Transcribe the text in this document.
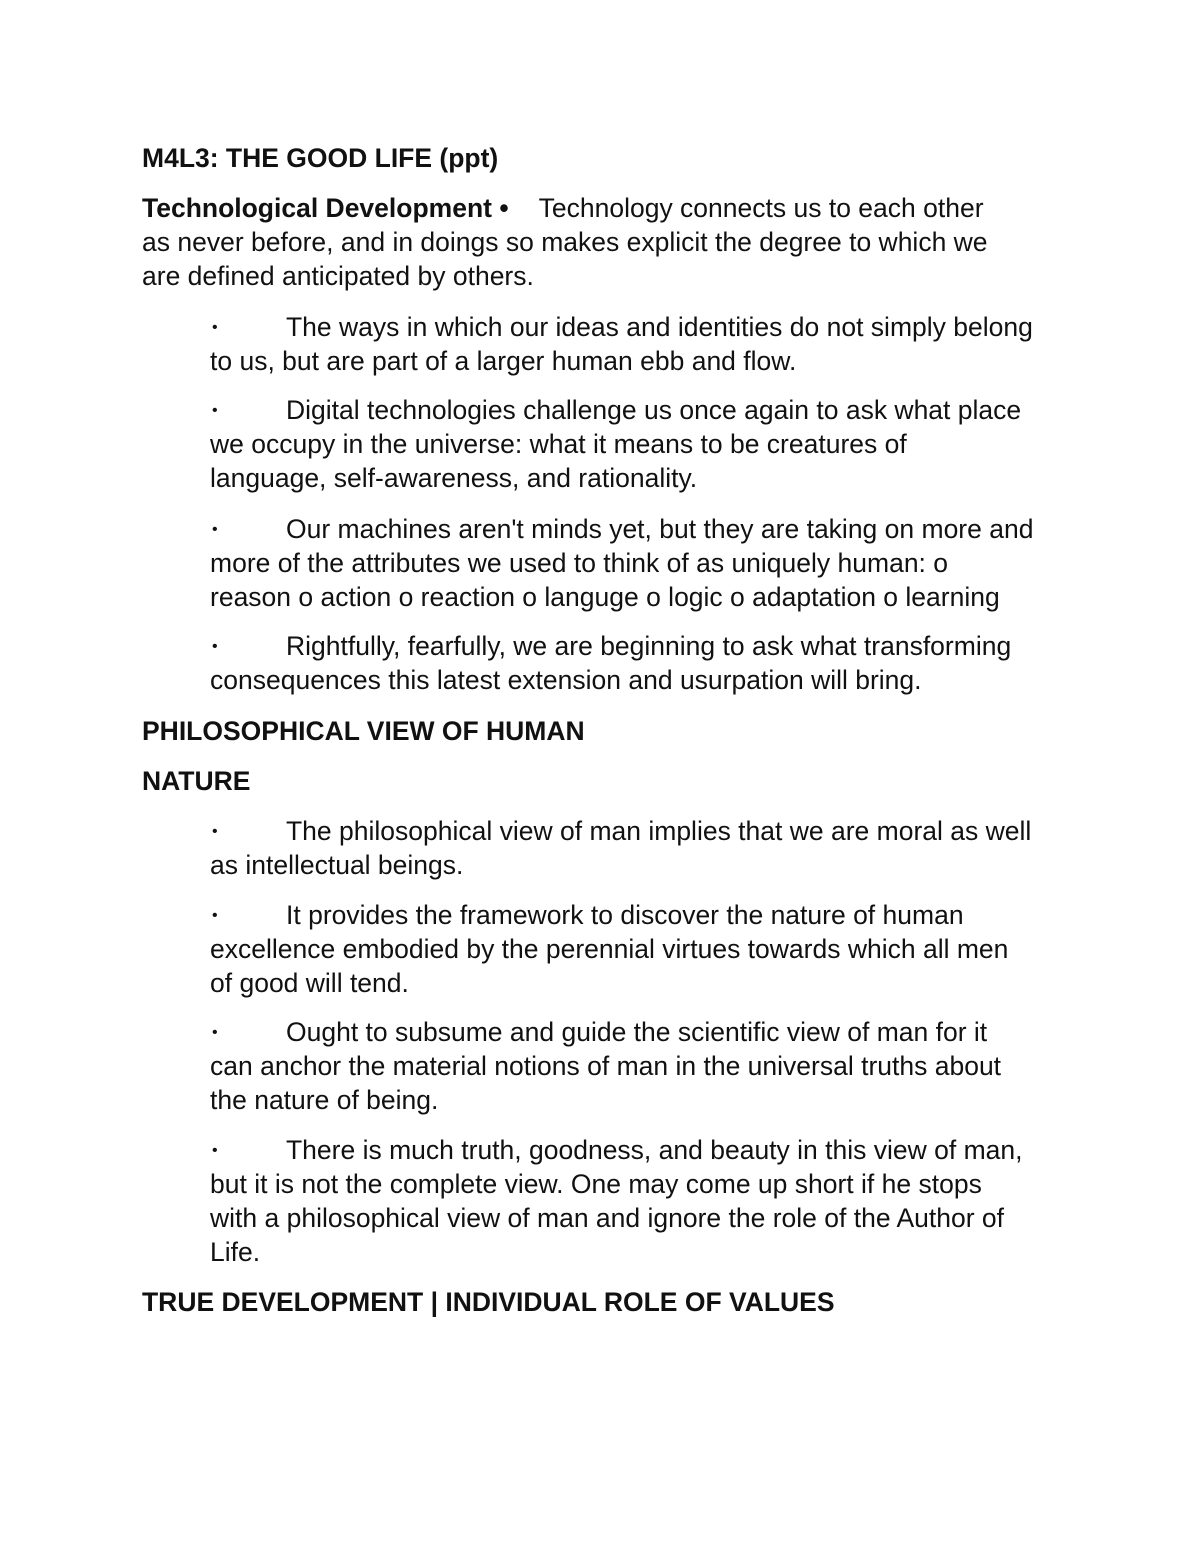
M4L3: THE GOOD LIFE (ppt)

Technological Development • Technology connects us to each other

as never before, and in doings so makes explicit the degree to which we

are defined anticipated by others.

•	The ways in which our ideas and identities do not simply belong

to us, but are part of a larger human ebb and flow.

•	Digital technologies challenge us once again to ask what place

we occupy in the universe: what it means to be creatures of

language, self-awareness, and rationality.

•	Our machines aren't minds yet, but they are taking on more and

more of the attributes we used to think of as uniquely human: o

reason o action o reaction o languge o logic o adaptation o learning

•	Rightfully, fearfully, we are beginning to ask what transforming

consequences this latest extension and usurpation will bring.

PHILOSOPHICAL VIEW OF HUMAN

NATURE

•	The philosophical view of man implies that we are moral as well

as intellectual beings.

•	It provides the framework to discover the nature of human

excellence embodied by the perennial virtues towards which all men

of good will tend.

•	Ought to subsume and guide the scientific view of man for it

can anchor the material notions of man in the universal truths about

the nature of being.

•	There is much truth, goodness, and beauty in this view of man,

but it is not the complete view. One may come up short if he stops

with a philosophical view of man and ignore the role of the Author of

Life.

TRUE DEVELOPMENT | INDIVIDUAL ROLE OF VALUES
